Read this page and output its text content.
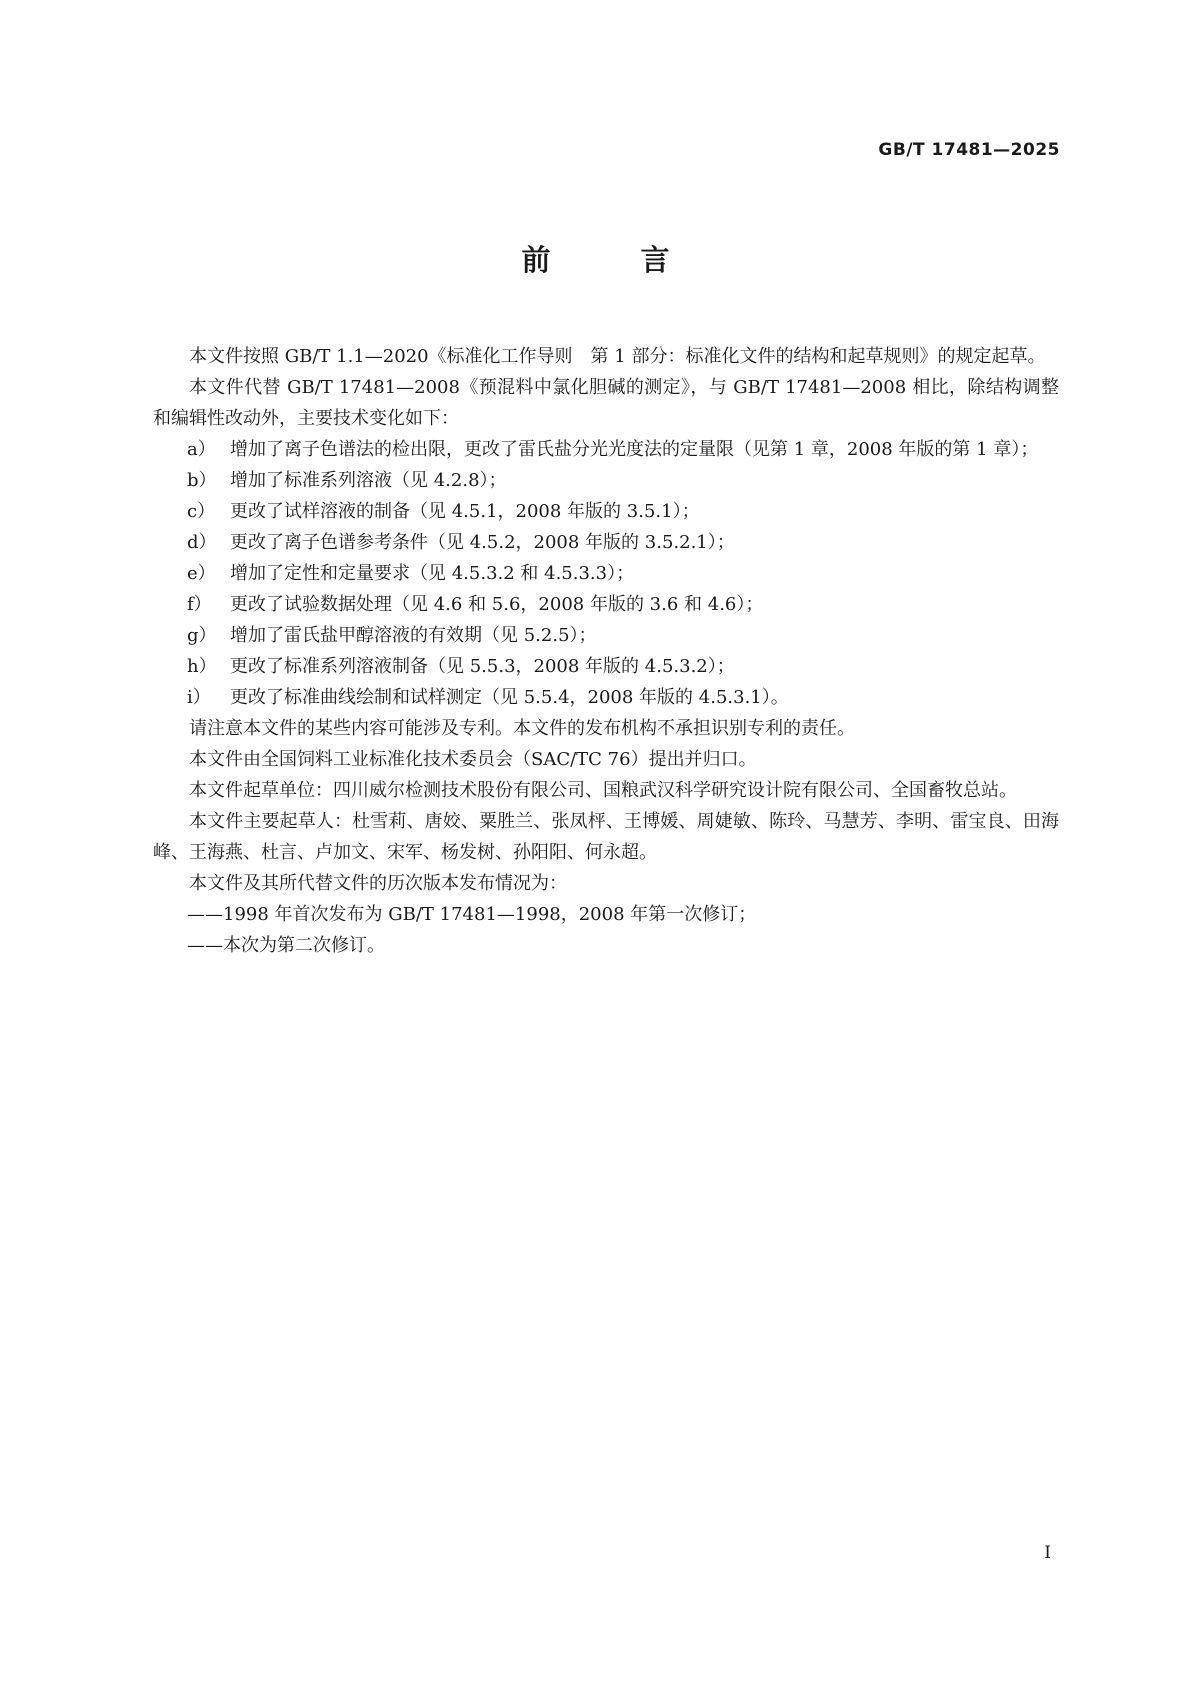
GB/T 17481—2025
前 言

本文件按照 GB/T 1.1—2020《标准化工作导则　第 1 部分：标准化文件的结构和起草规则》的规定起草。

本文件代替 GB/T 17481—2008《预混料中氯化胆碱的测定》，与 GB/T 17481—2008 相比，除结构调整和编辑性改动外，主要技术变化如下：

a） 增加了离子色谱法的检出限，更改了雷氏盐分光光度法的定量限（见第 1 章，2008 年版的第 1 章）；
b） 增加了标准系列溶液（见 4.2.8）；
c） 更改了试样溶液的制备（见 4.5.1，2008 年版的 3.5.1）；
d） 更改了离子色谱参考条件（见 4.5.2，2008 年版的 3.5.2.1）；
e） 增加了定性和定量要求（见 4.5.3.2 和 4.5.3.3）；
f）	更改了试验数据处理（见 4.6 和 5.6，2008 年版的 3.6 和 4.6）；
g） 增加了雷氏盐甲醇溶液的有效期（见 5.2.5）；
h） 更改了标准系列溶液制备（见 5.5.3，2008 年版的 4.5.3.2）；
i）	更改了标准曲线绘制和试样测定（见 5.5.4，2008 年版的 4.5.3.1）。

请注意本文件的某些内容可能涉及专利。本文件的发布机构不承担识别专利的责任。

本文件由全国饲料工业标准化技术委员会（SAC/TC 76）提出并归口。

本文件起草单位：四川威尔检测技术股份有限公司、国粮武汉科学研究设计院有限公司、全国畜牧总站。

本文件主要起草人：杜雪莉、唐姣、粟胜兰、张凤枰、王博媛、周婕敏、陈玲、马慧芳、李明、雷宝良、田海峰、王海燕、杜言、卢加文、宋军、杨发树、孙阳阳、何永超。

本文件及其所代替文件的历次版本发布情况为：

——1998 年首次发布为 GB/T 17481—1998，2008 年第一次修订；

——本次为第二次修订。

I
